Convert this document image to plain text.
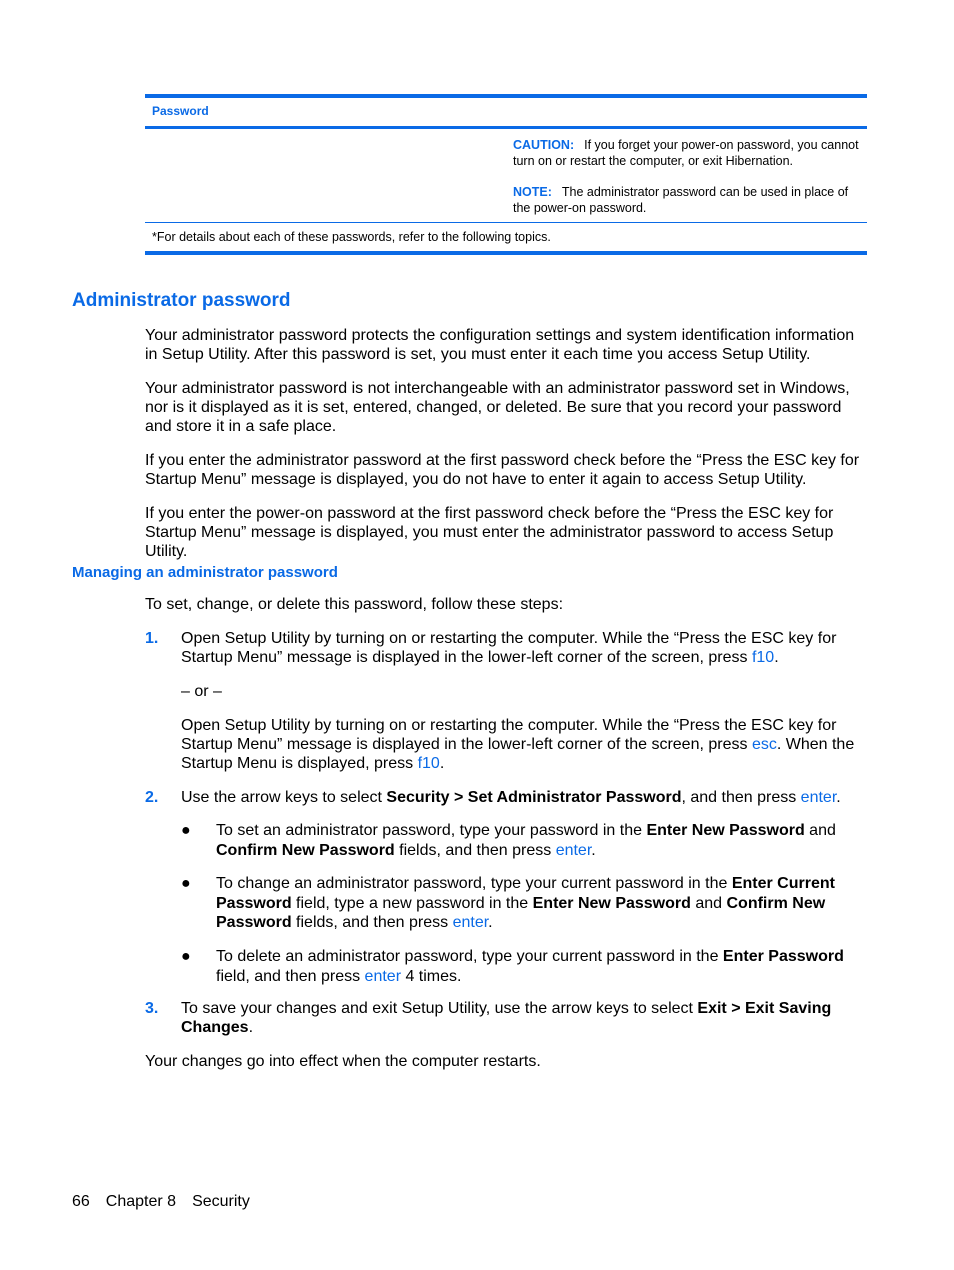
Password

CAUTION: If you forget your power-on password, you cannot turn on or restart the computer, or exit Hibernation.

NOTE: The administrator password can be used in place of the power-on password.

*For details about each of these passwords, refer to the following topics.
Administrator password

Your administrator password protects the configuration settings and system identification information in Setup Utility. After this password is set, you must enter it each time you access Setup Utility.

Your administrator password is not interchangeable with an administrator password set in Windows, nor is it displayed as it is set, entered, changed, or deleted. Be sure that you record your password and store it in a safe place.

If you enter the administrator password at the first password check before the “Press the ESC key for Startup Menu” message is displayed, you do not have to enter it again to access Setup Utility.

If you enter the power-on password at the first password check before the “Press the ESC key for Startup Menu” message is displayed, you must enter the administrator password to access Setup Utility.

Managing an administrator password

To set, change, or delete this password, follow these steps:

1. Open Setup Utility by turning on or restarting the computer. While the “Press the ESC key for Startup Menu” message is displayed in the lower-left corner of the screen, press f10.
– or –
Open Setup Utility by turning on or restarting the computer. While the “Press the ESC key for Startup Menu” message is displayed in the lower-left corner of the screen, press esc. When the Startup Menu is displayed, press f10.
2. Use the arrow keys to select Security > Set Administrator Password, and then press enter.
● To set an administrator password, type your password in the Enter New Password and Confirm New Password fields, and then press enter.
● To change an administrator password, type your current password in the Enter Current Password field, type a new password in the Enter New Password and Confirm New Password fields, and then press enter.
● To delete an administrator password, type your current password in the Enter Password field, and then press enter 4 times.
3. To save your changes and exit Setup Utility, use the arrow keys to select Exit > Exit Saving Changes.

Your changes go into effect when the computer restarts.

66 Chapter 8 Security
